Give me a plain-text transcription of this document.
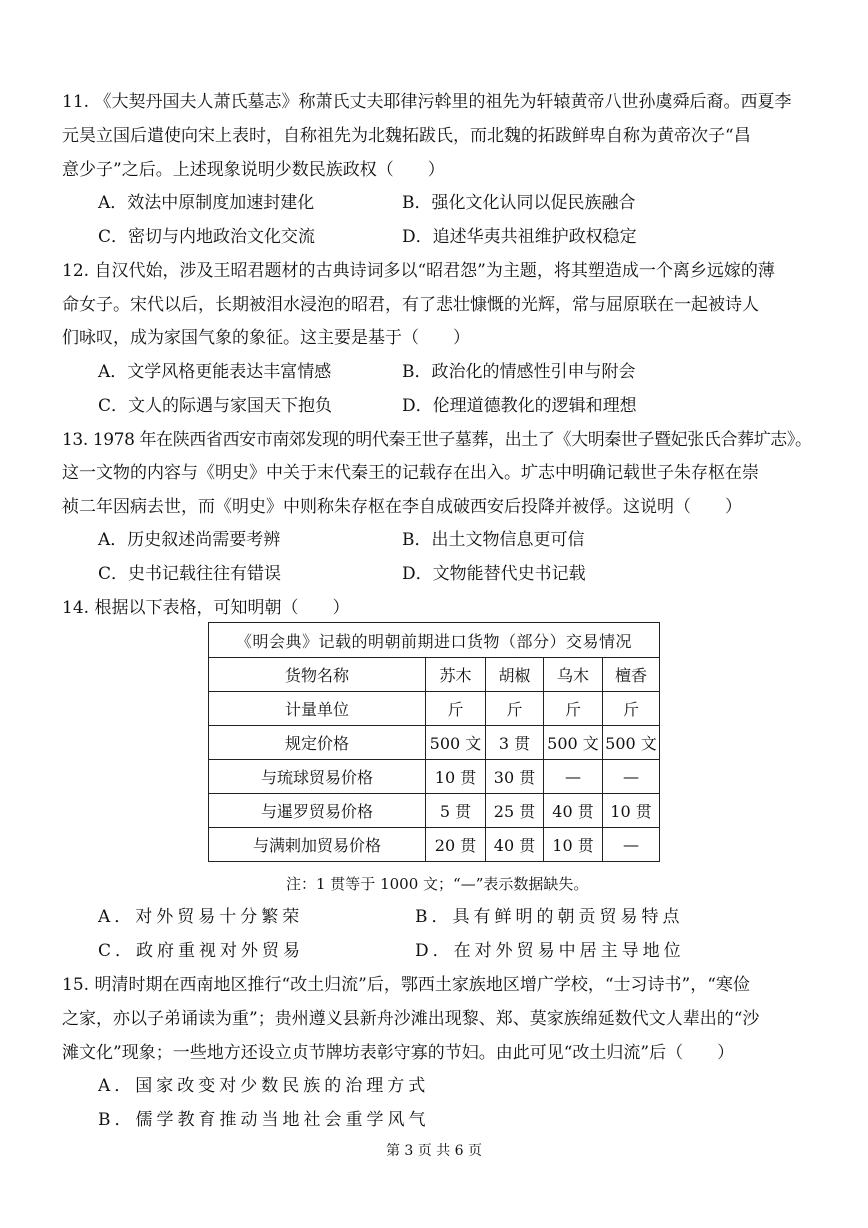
11. 《大契丹国夫人萧氏墓志》称萧氏丈夫耶律污斡里的祖先为轩辕黄帝八世孙虞舜后裔。西夏李
元昊立国后遣使向宋上表时，自称祖先为北魏拓跋氏，而北魏的拓跋鲜卑自称为黄帝次子“昌
意少子”之后。上述现象说明少数民族政权（　　）
A．效法中原制度加速封建化	B．强化文化认同以促民族融合
C．密切与内地政治文化交流	D．追述华夷共祖维护政权稳定
12. 自汉代始，涉及王昭君题材的古典诗词多以“昭君怨”为主题，将其塑造成一个离乡远嫁的薄
命女子。宋代以后，长期被泪水浸泡的昭君，有了悲壮慷慨的光辉，常与屈原联在一起被诗人
们咏叹，成为家国气象的象征。这主要是基于（　　）
A．文学风格更能表达丰富情感	B．政治化的情感性引申与附会
C．文人的际遇与家国天下抱负	D．伦理道德教化的逻辑和理想
13. 1978 年在陕西省西安市南郊发现的明代秦王世子墓葬，出土了《大明秦世子暨妃张氏合葬圹志》。
这一文物的内容与《明史》中关于末代秦王的记载存在出入。圹志中明确记载世子朱存枢在崇
祯二年因病去世，而《明史》中则称朱存枢在李自成破西安后投降并被俘。这说明（　　）
A．历史叙述尚需要考辨	B．出土文物信息更可信
C．史书记载往往有错误	D．文物能替代史书记载
14. 根据以下表格，可知明朝（　　）
《明会典》记载的明朝前期进口货物（部分）交易情况				
货物名称	苏木	胡椒	乌木	檀香
计量单位	斤	斤	斤	斤
规定价格	500 文	3 贯	500 文	500 文
与琉球贸易价格	10 贯	30 贯	—	—
与暹罗贸易价格	5 贯	25 贯	40 贯	10 贯
与满剌加贸易价格	20 贯	40 贯	10 贯	—
注：1 贯等于 1000 文；“—”表示数据缺失。
A．对外贸易十分繁荣	B．具有鲜明的朝贡贸易特点
C．政府重视对外贸易	D．在对外贸易中居主导地位
15. 明清时期在西南地区推行“改土归流”后，鄂西土家族地区增广学校，“士习诗书”，“寒俭
之家，亦以子弟诵读为重”；贵州遵义县新舟沙滩出现黎、郑、莫家族绵延数代文人辈出的“沙
滩文化”现象；一些地方还设立贞节牌坊表彰守寡的节妇。由此可见“改土归流”后（　　）
A．国家改变对少数民族的治理方式
B．儒学教育推动当地社会重学风气
第 3 页 共 6 页
